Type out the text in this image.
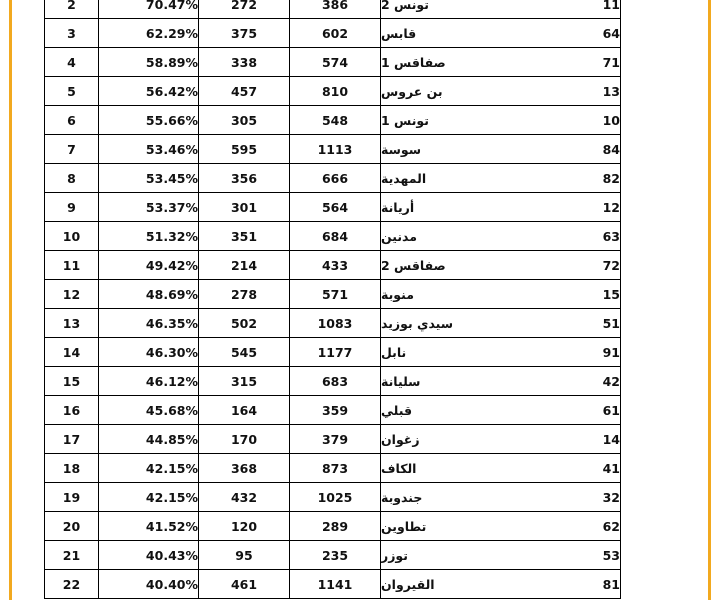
2	70.47%	272	386	تونس 2 11

3	62.29%	375	602	قابس 64

4	58.89%	338	574	صفاقس 1 71

5	56.42%	457	810	بن عروس 13

6	55.66%	305	548	تونس 1 10

7	53.46%	595	1113	سوسة 84

8	53.45%	356	666	المهدية 82

9	53.37%	301	564	أريانة 12

10	51.32%	351	684	مدنين 63

11	49.42%	214	433	صفاقس 2 72

12	48.69%	278	571	منوبة 15

13	46.35%	502	1083	سيدي بوزيد 51

14	46.30%	545	1177	نابل 91

15	46.12%	315	683	سليانة 42

16	45.68%	164	359	قبلي 61

17	44.85%	170	379	زغوان 14

18	42.15%	368	873	الكاف 41

19	42.15%	432	1025	جندوبة 32

20	41.52%	120	289	تطاوين 62

21	40.43%	95	235	توزر 53

22	40.40%	461	1141	القيروان 81
